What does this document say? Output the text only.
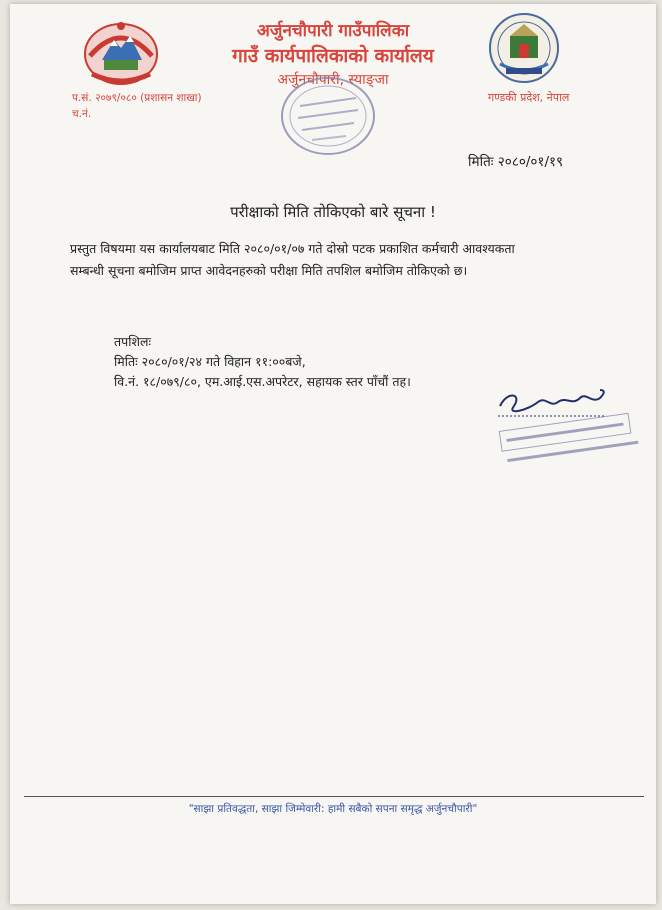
अर्जुनचौपारी गाउँपालिका
गाउँ कार्यपालिकाको कार्यालय
अर्जुनचौपारी, स्याङ्जा
प.सं. २०७९/०८० (प्रशासन शाखा)
च.नं.
गण्डकी प्रदेश, नेपाल
मितिः २०८०/०१/१९
परीक्षाको मिति तोकिएको बारे सूचना !
प्रस्तुत विषयमा यस कार्यालयबाट मिति २०८०/०१/०७ गते दोस्रो पटक प्रकाशित कर्मचारी आवश्यकता
सम्बन्धी सूचना बमोजिम प्राप्त आवेदनहरुको परीक्षा मिति तपशिल बमोजिम तोकिएको छ।
तपशिलः
मितिः २०८०/०१/२४ गते विहान ११:००बजे,
वि.नं. १८/०७९/८०, एम.आई.एस.अपरेटर, सहायक स्तर पाँचौं तह।
"साझा प्रतिवद्धता, साझा जिम्मेवारी: हामी सबैको सपना समृद्ध अर्जुनचौपारी"
